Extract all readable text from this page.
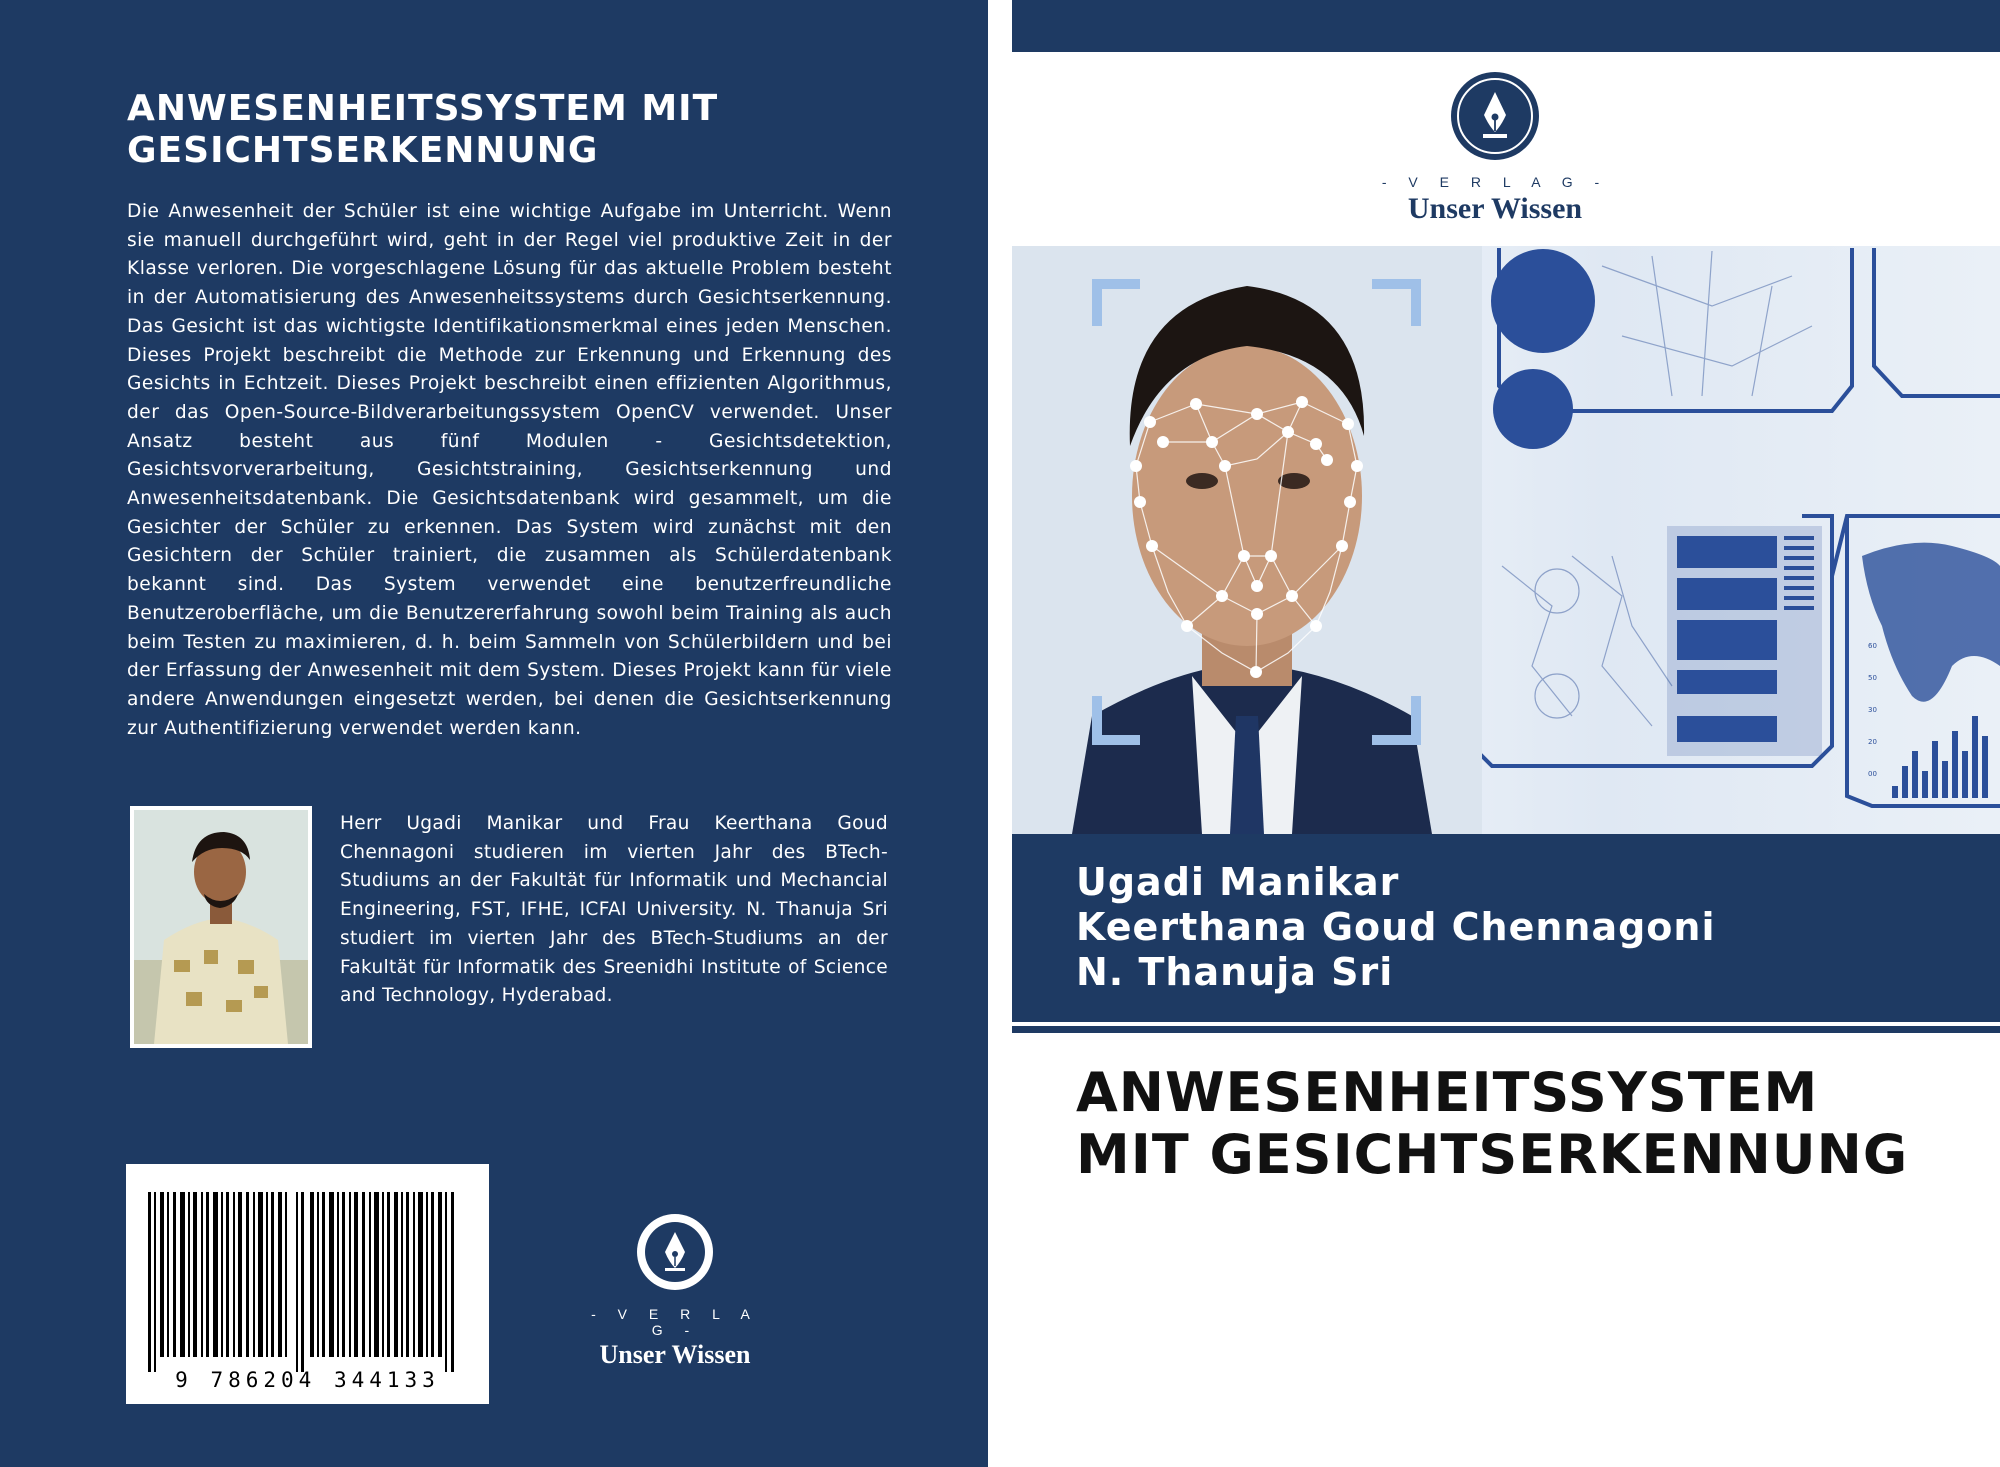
ANWESENHEITSSYSTEM MIT
GESICHTSERKENNUNG

Die Anwesenheit der Schüler ist eine wichtige Aufgabe im Unterricht. Wenn sie manuell durchgeführt wird, geht in der Regel viel produktive Zeit in der Klasse verloren. Die vorgeschlagene Lösung für das aktuelle Problem besteht in der Automatisierung des Anwesenheitssystems durch Gesichtserkennung. Das Gesicht ist das wichtigste Identifikationsmerkmal eines jeden Menschen. Dieses Projekt beschreibt die Methode zur Erkennung und Erkennung des Gesichts in Echtzeit. Dieses Projekt beschreibt einen effizienten Algorithmus, der das Open-Source-Bildverarbeitungssystem OpenCV verwendet. Unser Ansatz besteht aus fünf Modulen - Gesichtsdetektion, Gesichtsvorverarbeitung, Gesichtstraining, Gesichtserkennung und Anwesenheitsdatenbank. Die Gesichtsdatenbank wird gesammelt, um die Gesichter der Schüler zu erkennen. Das System wird zunächst mit den Gesichtern der Schüler trainiert, die zusammen als Schülerdatenbank bekannt sind. Das System verwendet eine benutzerfreundliche Benutzeroberfläche, um die Benutzererfahrung sowohl beim Training als auch beim Testen zu maximieren, d. h. beim Sammeln von Schülerbildern und bei der Erfassung der Anwesenheit mit dem System. Dieses Projekt kann für viele andere Anwendungen eingesetzt werden, bei denen die Gesichtserkennung zur Authentifizierung verwendet werden kann.

Herr Ugadi Manikar und Frau Keerthana Goud Chennagoni studieren im vierten Jahr des BTech-Studiums an der Fakultät für Informatik und Mechancial Engineering, FST, IFHE, ICFAI University. N. Thanuja Sri studiert im vierten Jahr des BTech-Studiums an der Fakultät für Informatik des Sreenidhi Institute of Science and Technology, Hyderabad.

9 786204 344133
- V E R L A G -
Unser Wissen
- V E R L A G -
Unser Wissen
60
50
30
20
00
Ugadi Manikar
Keerthana Goud Chennagoni
N. Thanuja Sri
ANWESENHEITSSYSTEM
MIT GESICHTSERKENNUNG
